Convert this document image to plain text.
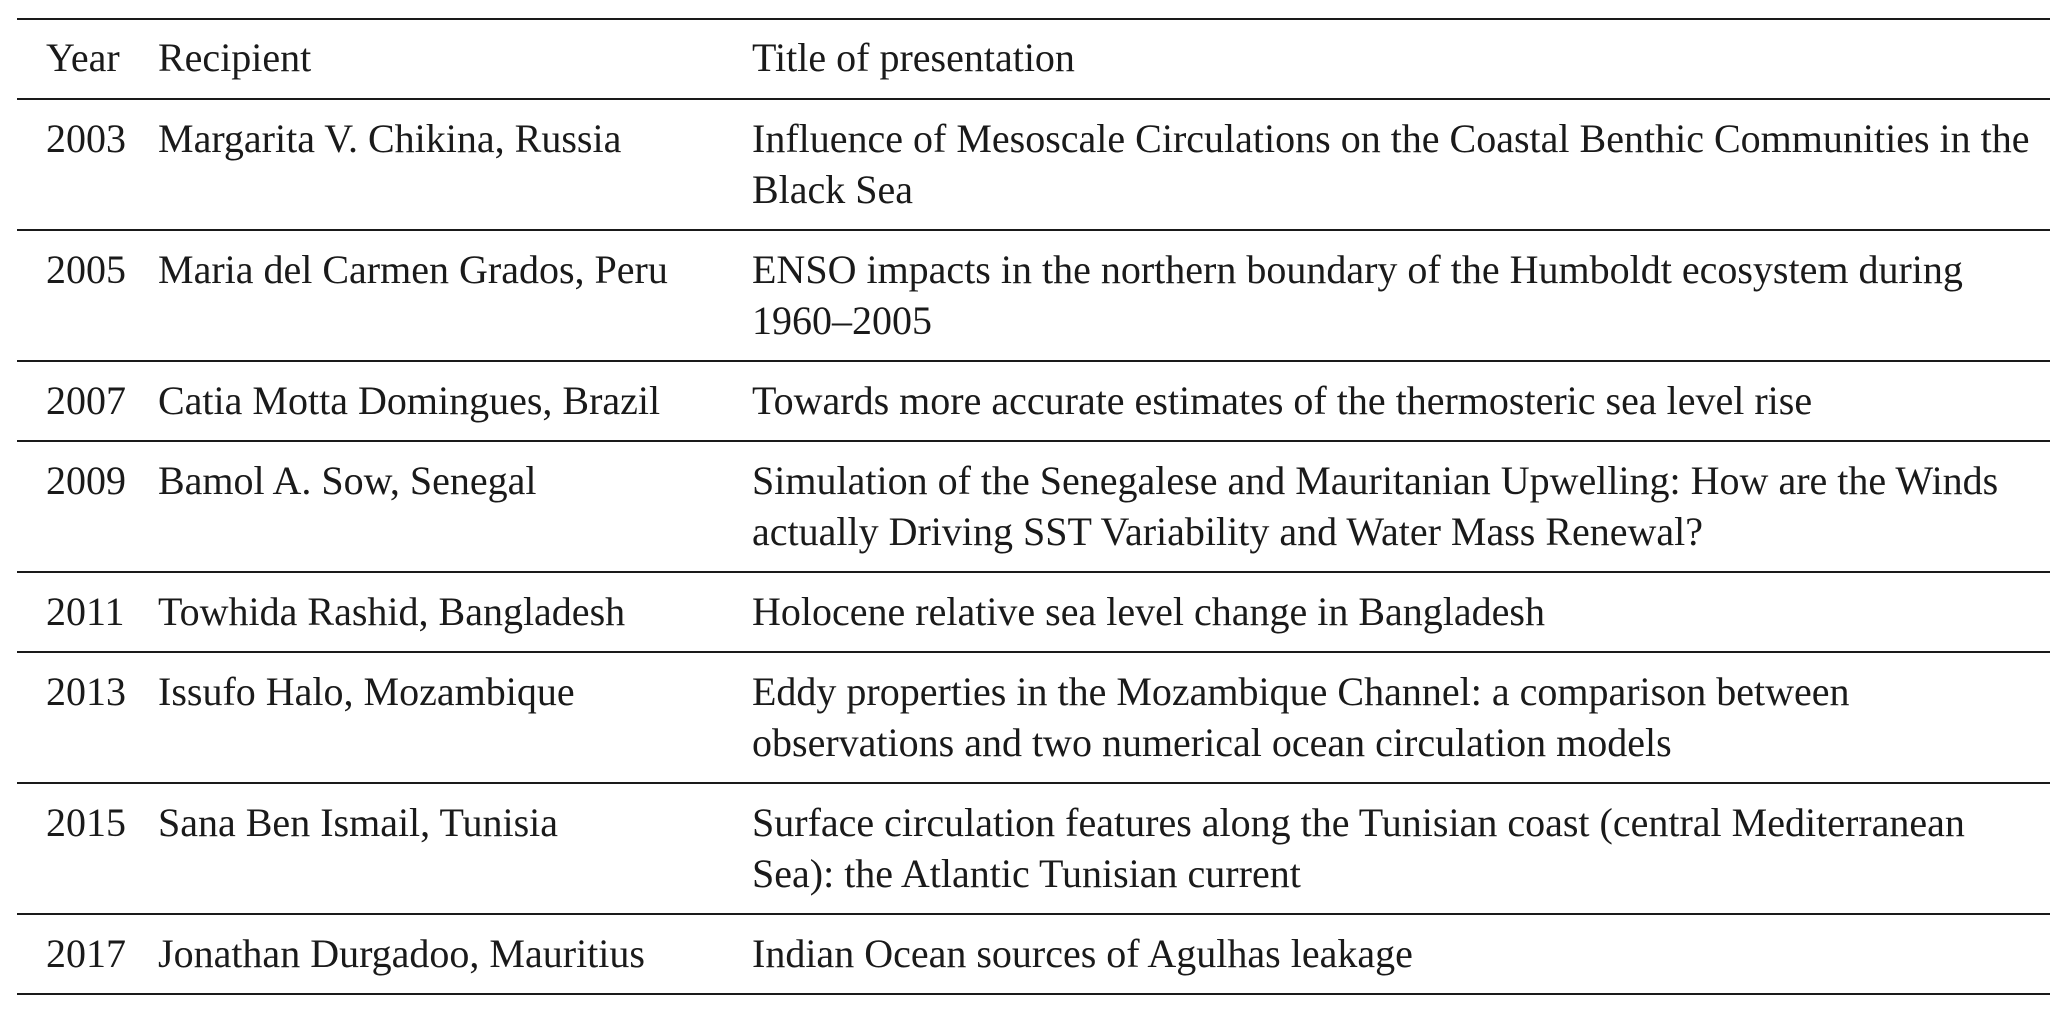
Year	Recipient	Title of presentation
2003	Margarita V. Chikina, Russia	Influence of Mesoscale Circulations on the Coastal Benthic Communities in the Black Sea
2005	Maria del Carmen Grados, Peru	ENSO impacts in the northern boundary of the Humboldt ecosystem during 1960–2005
2007	Catia Motta Domingues, Brazil	Towards more accurate estimates of the thermosteric sea level rise
2009	Bamol A. Sow, Senegal	Simulation of the Senegalese and Mauritanian Upwelling: How are the Winds actually Driving SST Variability and Water Mass Renewal?
2011	Towhida Rashid, Bangladesh	Holocene relative sea level change in Bangladesh
2013	Issufo Halo, Mozambique	Eddy properties in the Mozambique Channel: a comparison between observations and two numerical ocean circulation models
2015	Sana Ben Ismail, Tunisia	Surface circulation features along the Tunisian coast (central Mediterranean Sea): the Atlantic Tunisian current
2017	Jonathan Durgadoo, Mauritius	Indian Ocean sources of Agulhas leakage
